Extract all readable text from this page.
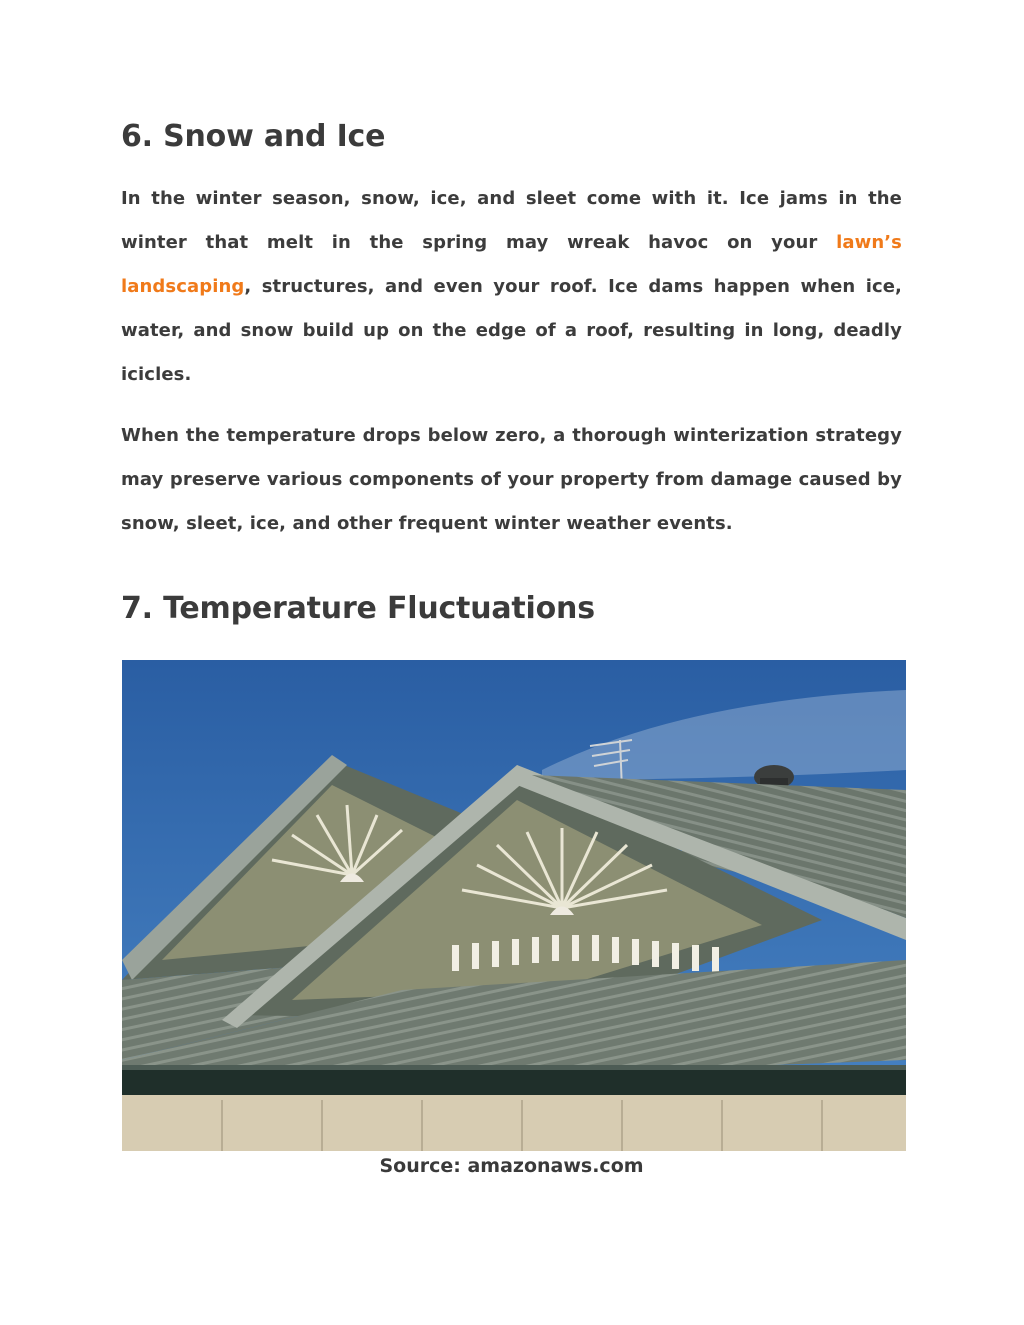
6. Snow and Ice

In the winter season, snow, ice, and sleet come with it. Ice jams in the winter that melt in the spring may wreak havoc on your lawn’s landscaping, structures, and even your roof. Ice dams happen when ice, water, and snow build up on the edge of a roof, resulting in long, deadly icicles.

When the temperature drops below zero, a thorough winterization strategy may preserve various components of your property from damage caused by snow, sleet, ice, and other frequent winter weather events.

7. Temperature Fluctuations
Source: amazonaws.com
